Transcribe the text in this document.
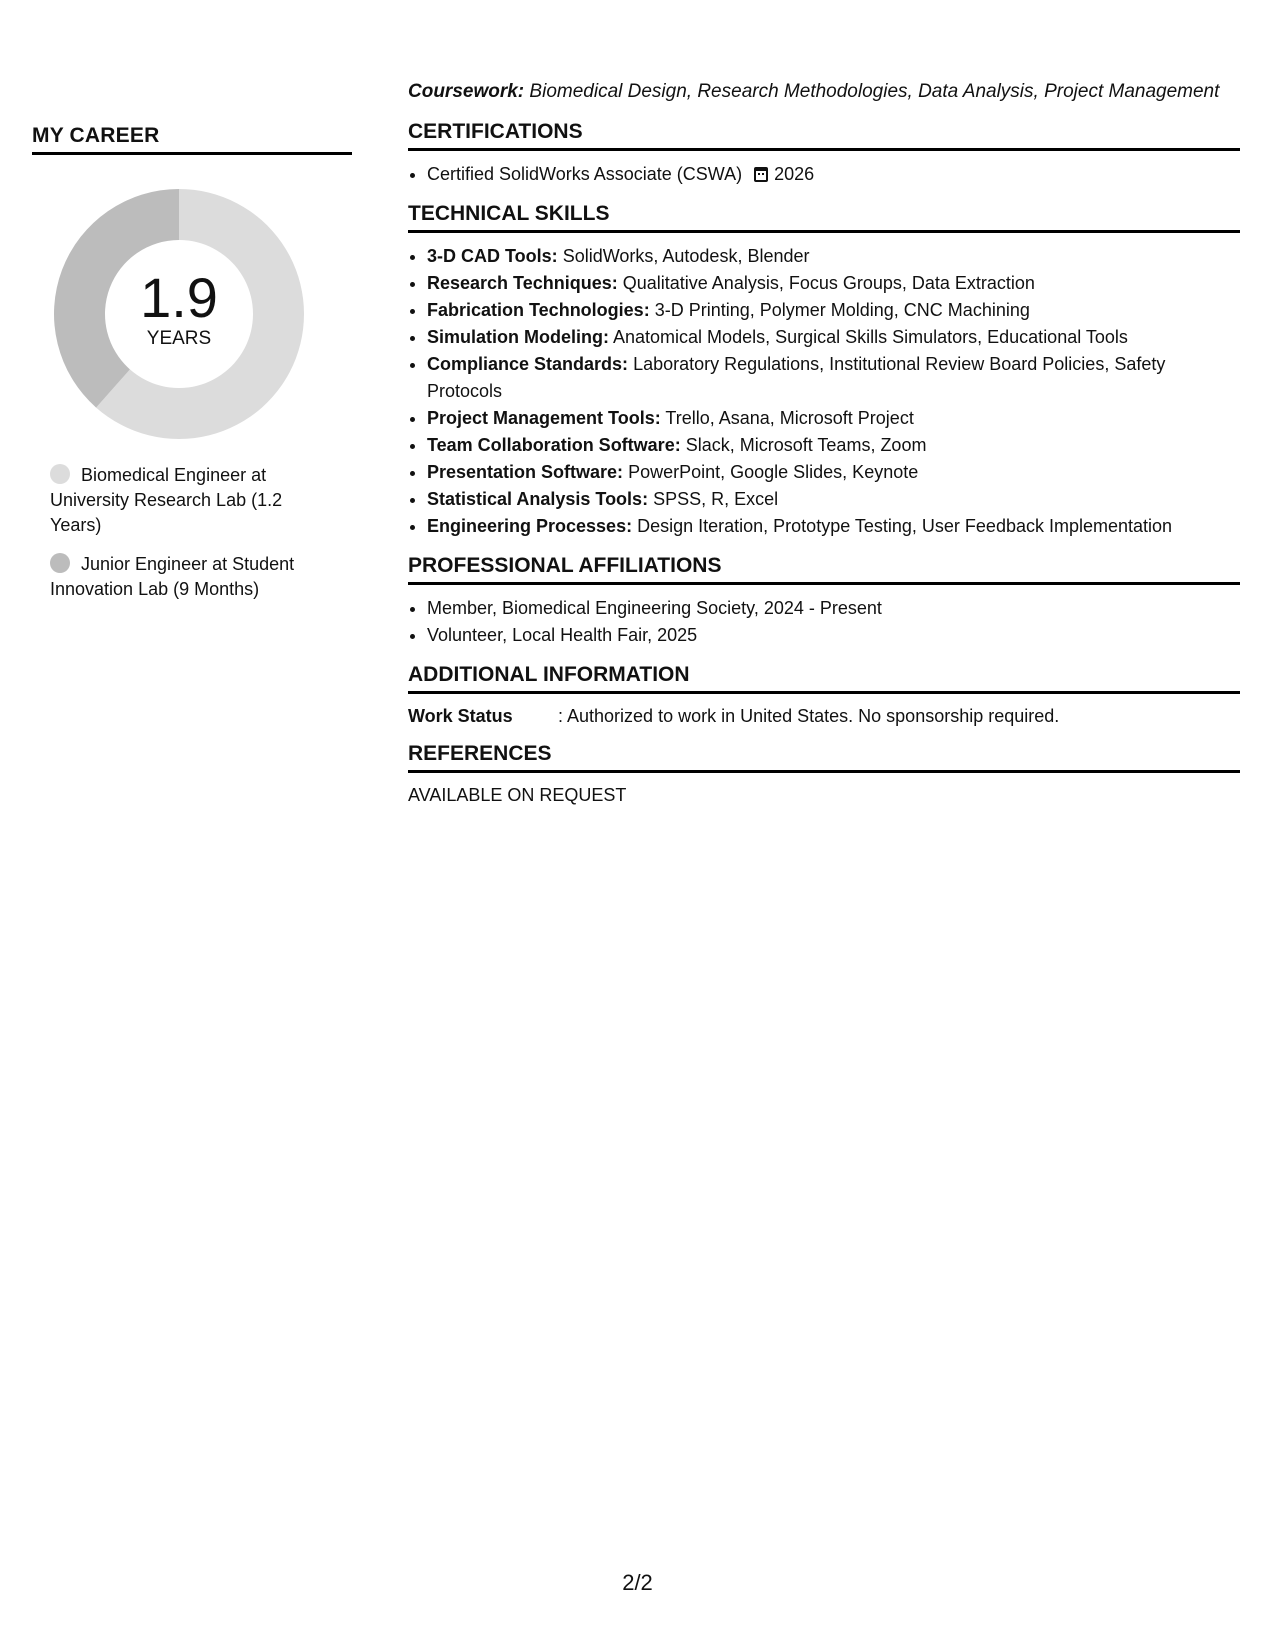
MY CAREER
1.9
YEARS
Biomedical Engineer at University Research Lab (1.2 Years)
Junior Engineer at Student Innovation Lab (9 Months)

Coursework: Biomedical Design, Research Methodologies, Data Analysis, Project Management

CERTIFICATIONS
• Certified SolidWorks Associate (CSWA) 2026
TECHNICAL SKILLS
• 3-D CAD Tools: SolidWorks, Autodesk, Blender
• Research Techniques: Qualitative Analysis, Focus Groups, Data Extraction
• Fabrication Technologies: 3-D Printing, Polymer Molding, CNC Machining
• Simulation Modeling: Anatomical Models, Surgical Skills Simulators, Educational Tools
• Compliance Standards: Laboratory Regulations, Institutional Review Board Policies, Safety Protocols
• Project Management Tools: Trello, Asana, Microsoft Project
• Team Collaboration Software: Slack, Microsoft Teams, Zoom
• Presentation Software: PowerPoint, Google Slides, Keynote
• Statistical Analysis Tools: SPSS, R, Excel
• Engineering Processes: Design Iteration, Prototype Testing, User Feedback Implementation
PROFESSIONAL AFFILIATIONS
• Member, Biomedical Engineering Society, 2024 - Present
• Volunteer, Local Health Fair, 2025
ADDITIONAL INFORMATION
Work Status	: Authorized to work in United States. No sponsorship required.
REFERENCES
AVAILABLE ON REQUEST
2/2
